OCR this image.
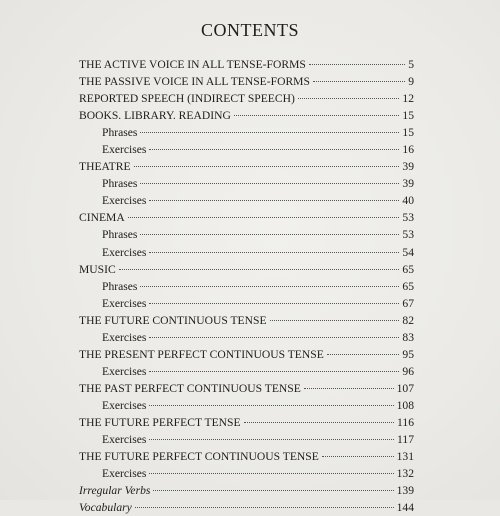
CONTENTS
THE ACTIVE VOICE IN ALL TENSE-FORMS	5
THE PASSIVE VOICE IN ALL TENSE-FORMS	9
REPORTED SPEECH (INDIRECT SPEECH)	12
BOOKS. LIBRARY. READING	15
Phrases	15
Exercises	16
THEATRE	39
Phrases	39
Exercises	40
CINEMA	53
Phrases	53
Exercises	54
MUSIC	65
Phrases	65
Exercises	67
THE FUTURE CONTINUOUS TENSE	82
Exercises	83
THE PRESENT PERFECT CONTINUOUS TENSE	95
Exercises	96
THE PAST PERFECT CONTINUOUS TENSE	107
Exercises	108
THE FUTURE PERFECT TENSE	116
Exercises	117
THE FUTURE PERFECT CONTINUOUS TENSE	131
Exercises	132
Irregular Verbs	139
Vocabulary	144
